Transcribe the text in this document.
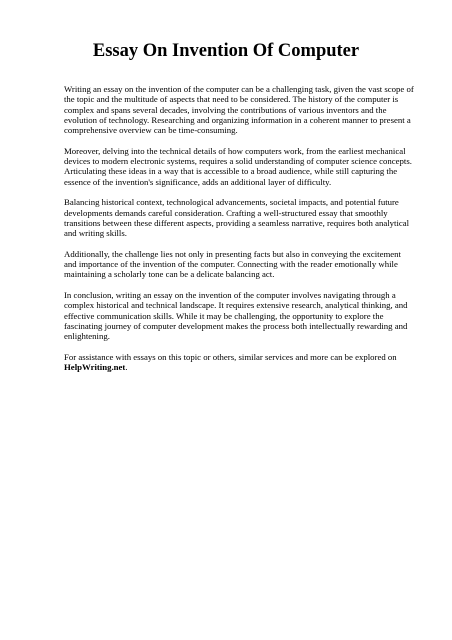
Essay On Invention Of Computer

Writing an essay on the invention of the computer can be a challenging task, given the vast scope of the topic and the multitude of aspects that need to be considered. The history of the computer is complex and spans several decades, involving the contributions of various inventors and the evolution of technology. Researching and organizing information in a coherent manner to present a comprehensive overview can be time-consuming.

Moreover, delving into the technical details of how computers work, from the earliest mechanical devices to modern electronic systems, requires a solid understanding of computer science concepts. Articulating these ideas in a way that is accessible to a broad audience, while still capturing the essence of the invention's significance, adds an additional layer of difficulty.

Balancing historical context, technological advancements, societal impacts, and potential future developments demands careful consideration. Crafting a well-structured essay that smoothly transitions between these different aspects, providing a seamless narrative, requires both analytical and writing skills.

Additionally, the challenge lies not only in presenting facts but also in conveying the excitement and importance of the invention of the computer. Connecting with the reader emotionally while maintaining a scholarly tone can be a delicate balancing act.

In conclusion, writing an essay on the invention of the computer involves navigating through a complex historical and technical landscape. It requires extensive research, analytical thinking, and effective communication skills. While it may be challenging, the opportunity to explore the fascinating journey of computer development makes the process both intellectually rewarding and enlightening.

For assistance with essays on this topic or others, similar services and more can be explored on HelpWriting.net.
